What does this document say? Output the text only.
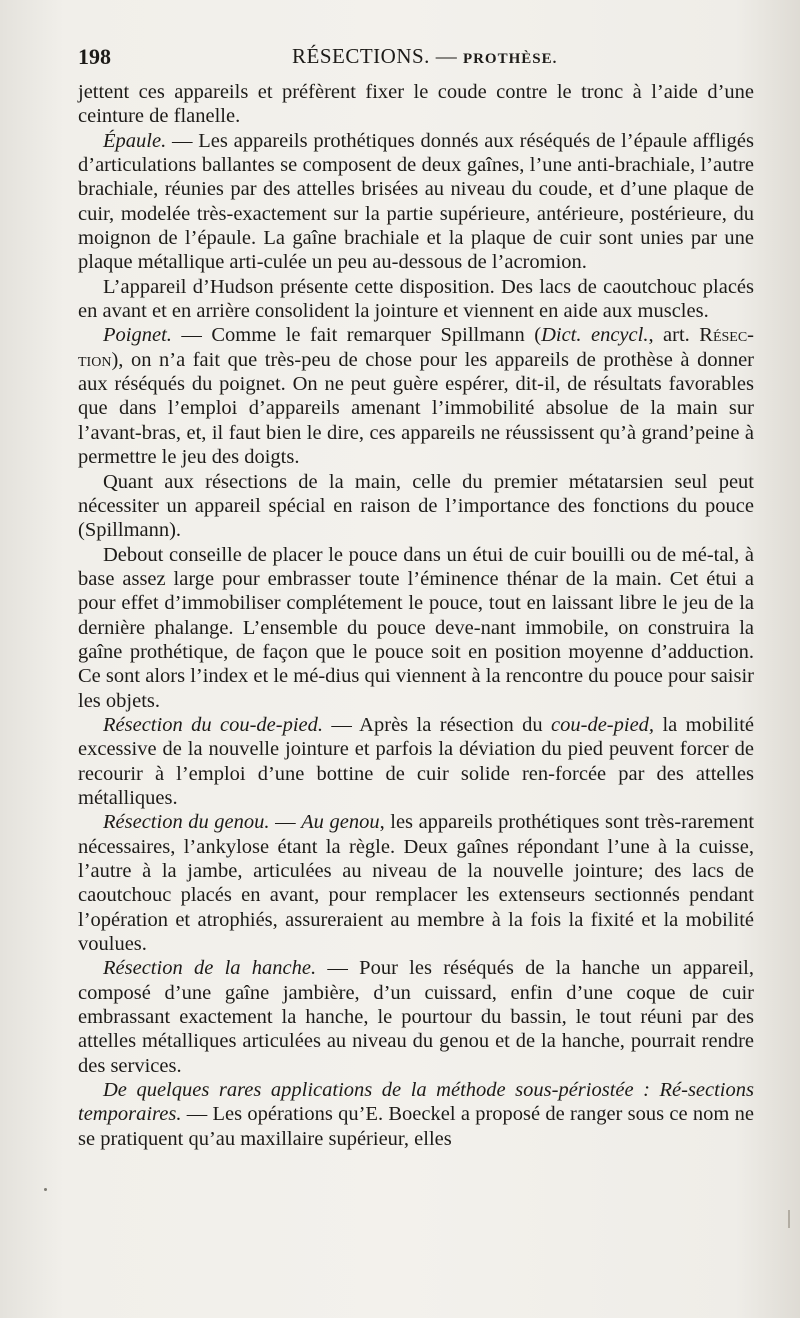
198	RÉSECTIONS. — PROTHÈSE.

jettent ces appareils et préfèrent fixer le coude contre le tronc à l’aide d’une ceinture de flanelle.

Épaule. — Les appareils prothétiques donnés aux réséqués de l’épaule affligés d’articulations ballantes se composent de deux gaînes, l’une anti-brachiale, l’autre brachiale, réunies par des attelles brisées au niveau du coude, et d’une plaque de cuir, modelée très-exactement sur la partie supérieure, antérieure, postérieure, du moignon de l’épaule. La gaîne brachiale et la plaque de cuir sont unies par une plaque métallique arti-culée un peu au-dessous de l’acromion.

L’appareil d’Hudson présente cette disposition. Des lacs de caoutchouc placés en avant et en arrière consolident la jointure et viennent en aide aux muscles.

Poignet. — Comme le fait remarquer Spillmann (Dict. encycl., art. Résec-tion), on n’a fait que très-peu de chose pour les appareils de prothèse à donner aux réséqués du poignet. On ne peut guère espérer, dit-il, de résultats favorables que dans l’emploi d’appareils amenant l’immobilité absolue de la main sur l’avant-bras, et, il faut bien le dire, ces appareils ne réussissent qu’à grand’peine à permettre le jeu des doigts.

Quant aux résections de la main, celle du premier métatarsien seul peut nécessiter un appareil spécial en raison de l’importance des fonctions du pouce (Spillmann).

Debout conseille de placer le pouce dans un étui de cuir bouilli ou de mé-tal, à base assez large pour embrasser toute l’éminence thénar de la main. Cet étui a pour effet d’immobiliser complétement le pouce, tout en laissant libre le jeu de la dernière phalange. L’ensemble du pouce deve-nant immobile, on construira la gaîne prothétique, de façon que le pouce soit en position moyenne d’adduction. Ce sont alors l’index et le mé-dius qui viennent à la rencontre du pouce pour saisir les objets.

Résection du cou-de-pied. — Après la résection du cou-de-pied, la mobilité excessive de la nouvelle jointure et parfois la déviation du pied peuvent forcer de recourir à l’emploi d’une bottine de cuir solide ren-forcée par des attelles métalliques.

Résection du genou. — Au genou, les appareils prothétiques sont très-rarement nécessaires, l’ankylose étant la règle. Deux gaînes répondant l’une à la cuisse, l’autre à la jambe, articulées au niveau de la nouvelle jointure; des lacs de caoutchouc placés en avant, pour remplacer les extenseurs sectionnés pendant l’opération et atrophiés, assureraient au membre à la fois la fixité et la mobilité voulues.

Résection de la hanche. — Pour les réséqués de la hanche un appareil, composé d’une gaîne jambière, d’un cuissard, enfin d’une coque de cuir embrassant exactement la hanche, le pourtour du bassin, le tout réuni par des attelles métalliques articulées au niveau du genou et de la hanche, pourrait rendre des services.

De quelques rares applications de la méthode sous-périostée : Ré-sections temporaires. — Les opérations qu’E. Boeckel a proposé de ranger sous ce nom ne se pratiquent qu’au maxillaire supérieur, elles
